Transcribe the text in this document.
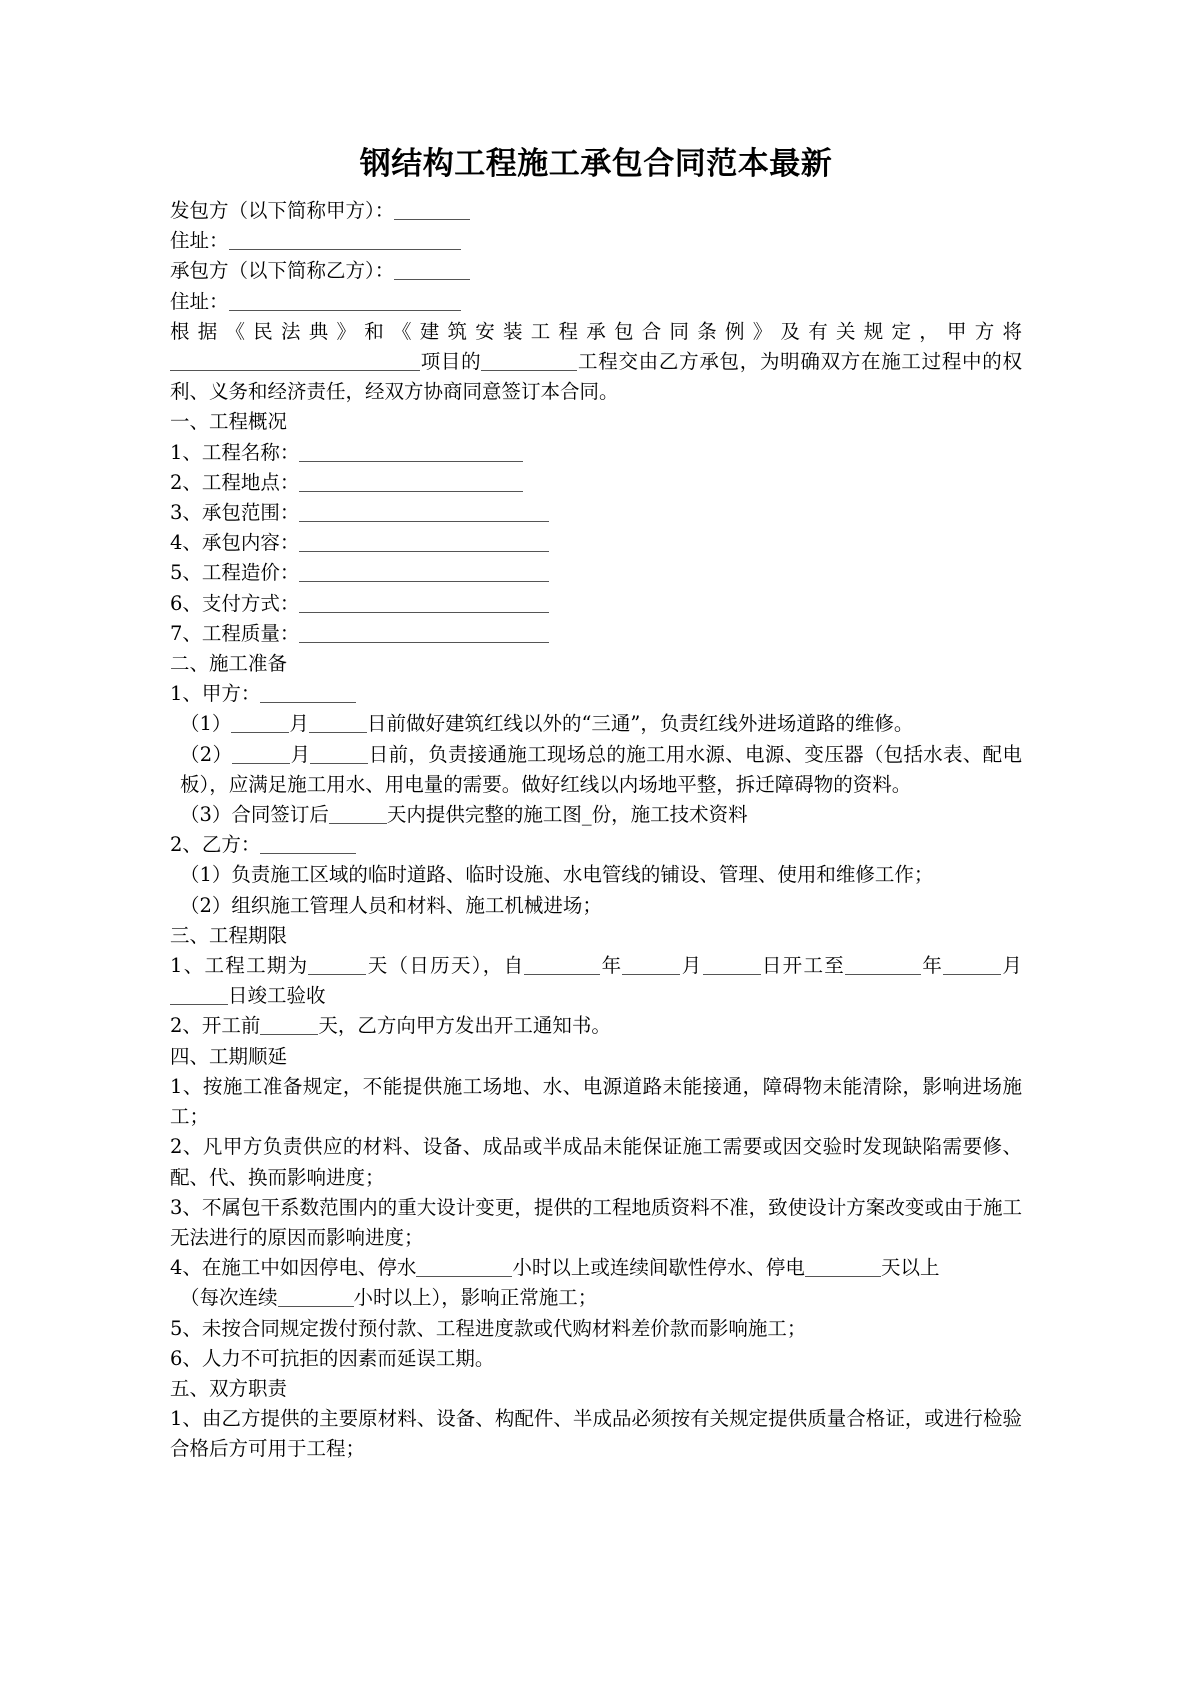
钢结构工程施工承包合同范本最新

发包方（以下简称甲方）：

住址：

承包方（以下简称乙方）：

住址：

根据《民法典》和《建筑安装工程承包合同条例》及有关规定，甲方将项目的	工程交由乙方承包，为明确双方在施工过程中的权利、义务和经济责任，经双方协商同意签订本合同。

一、工程概况

1、工程名称：

2、工程地点：

3、承包范围：

4、承包内容：

5、工程造价：

6、支付方式：

7、工程质量：

二、施工准备

1、甲方：

（1）	月	日前做好建筑红线以外的“三通”，负责红线外进场道路的维修。

（2）	月	日前，负责接通施工现场总的施工用水源、电源、变压器（包括水表、配电板），应满足施工用水、用电量的需要。做好红线以内场地平整，拆迁障碍物的资料。

（3）合同签订后	天内提供完整的施工图_份，施工技术资料

2、乙方：

（1）负责施工区域的临时道路、临时设施、水电管线的铺设、管理、使用和维修工作；

（2）组织施工管理人员和材料、施工机械进场；

三、工程期限

1、工程工期为	天（日历天），自	年	月	日开工至	年	月日竣工验收

2、开工前	天，乙方向甲方发出开工通知书。

四、工期顺延

1、按施工准备规定，不能提供施工场地、水、电源道路未能接通，障碍物未能清除，影响进场施工；

2、凡甲方负责供应的材料、设备、成品或半成品未能保证施工需要或因交验时发现缺陷需要修、配、代、换而影响进度；

3、不属包干系数范围内的重大设计变更，提供的工程地质资料不准，致使设计方案改变或由于施工无法进行的原因而影响进度；

4、在施工中如因停电、停水	小时以上或连续间歇性停水、停电	天以上

（每次连续	小时以上），影响正常施工；

5、未按合同规定拨付预付款、工程进度款或代购材料差价款而影响施工；

6、人力不可抗拒的因素而延误工期。

五、双方职责

1、由乙方提供的主要原材料、设备、构配件、半成品必须按有关规定提供质量合格证，或进行检验合格后方可用于工程；
